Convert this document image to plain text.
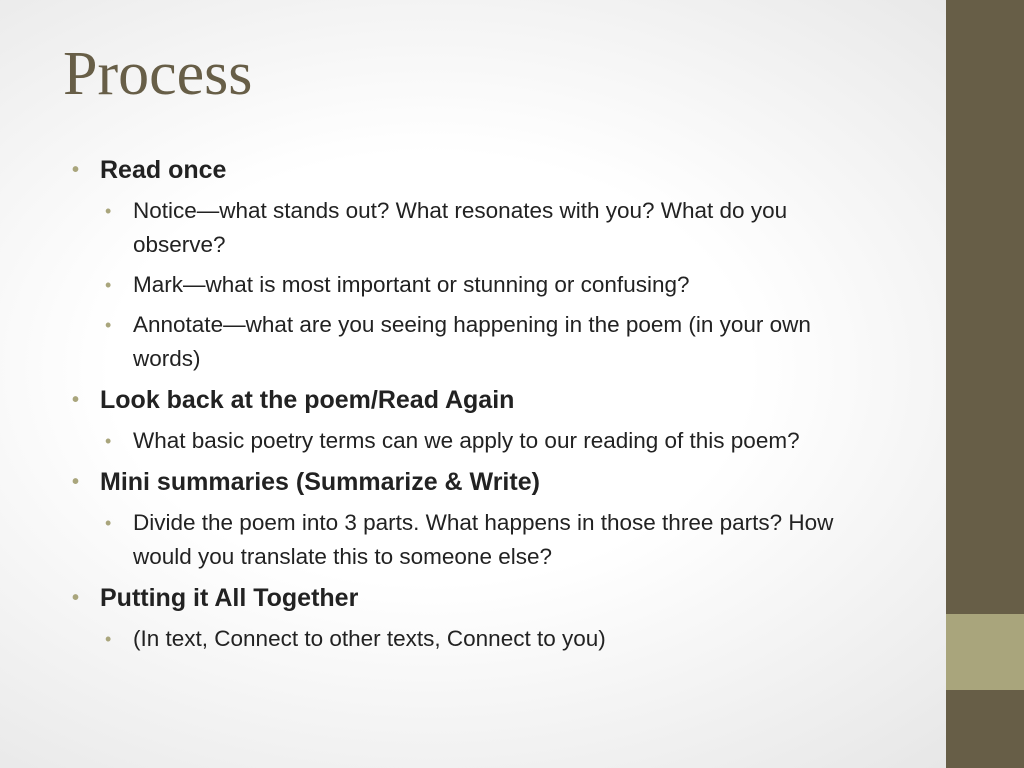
Process
• Read once
• Notice—what stands out? What resonates with you? What do you observe?
• Mark—what is most important or stunning or confusing?
• Annotate—what are you seeing happening in the poem (in your own words)
• Look back at the poem/Read Again
• What basic poetry terms can we apply to our reading of this poem?
• Mini summaries (Summarize & Write)
• Divide the poem into 3 parts. What happens in those three parts? How would you translate this to someone else?
• Putting it All Together
• (In text, Connect to other texts, Connect to you)
